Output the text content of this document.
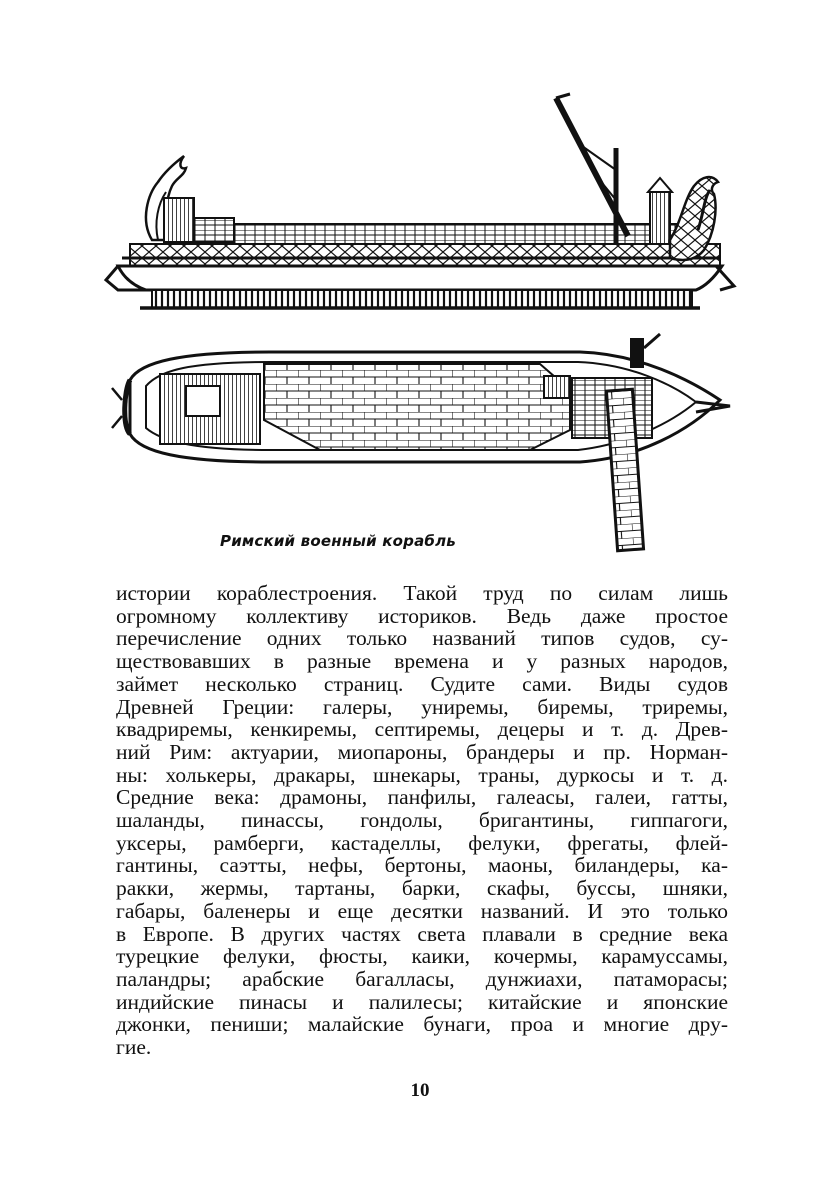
Римский военный корабль
истории кораблестроения. Такой труд по силам лишь
огромному коллективу историков. Ведь даже простое
перечисление одних только названий типов судов, су-
ществовавших в разные времена и у разных народов,
займет несколько страниц. Судите сами. Виды судов
Древней Греции: галеры, униремы, биремы, триремы,
квадриремы, кенкиремы, септиремы, децеры и т. д. Древ-
ний Рим: актуарии, миопароны, брандеры и пр. Норман-
ны: холькеры, дракары, шнекары, траны, дуркосы и т. д.
Средние века: драмоны, панфилы, галеасы, галеи, гатты,
шаланды, пинассы, гондолы, бригантины, гиппагоги,
уксеры, рамберги, кастаделлы, фелуки, фрегаты, флей-
гантины, саэтты, нефы, бертоны, маоны, биландеры, ка-
ракки, жермы, тартаны, барки, скафы, буссы, шняки,
габары, баленеры и еще десятки названий. И это только
в Европе. В других частях света плавали в средние века
турецкие фелуки, фюсты, каики, кочермы, карамуссамы,
паландры; арабские багалласы, дунжиахи, патаморасы;
индийские пинасы и палилесы; китайские и японские
джонки, пениши; малайские бунаги, проа и многие дру-
гие.
10
